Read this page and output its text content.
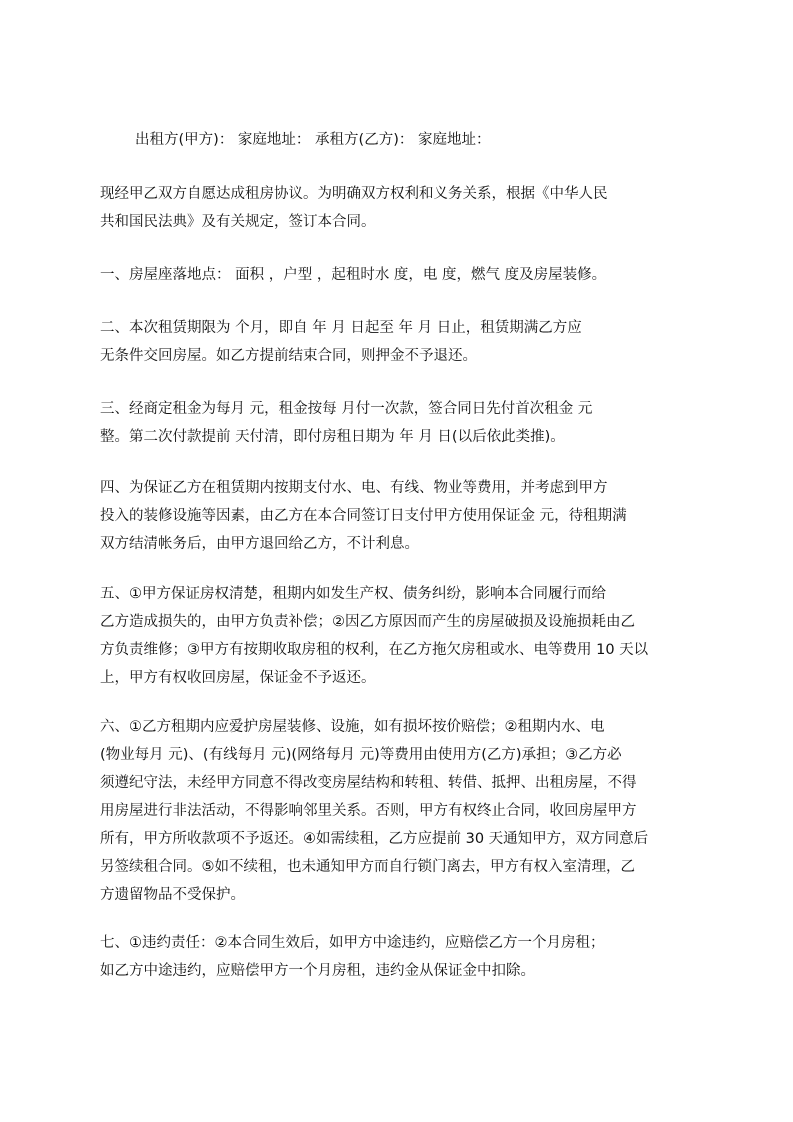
出租方(甲方)： 家庭地址： 承租方(乙方)： 家庭地址：
现经甲乙双方自愿达成租房协议。为明确双方权利和义务关系，根据《中华人民
共和国民法典》及有关规定，签订本合同。
一、房屋座落地点： 面积 ，户型 ，起租时水 度，电 度，燃气 度及房屋装修。
二、本次租赁期限为 个月，即自 年 月 日起至 年 月 日止，租赁期满乙方应
无条件交回房屋。如乙方提前结束合同，则押金不予退还。
三、经商定租金为每月 元，租金按每 月付一次款，签合同日先付首次租金 元
整。第二次付款提前 天付清，即付房租日期为 年 月 日(以后依此类推)。
四、为保证乙方在租赁期内按期支付水、电、有线、物业等费用，并考虑到甲方
投入的装修设施等因素，由乙方在本合同签订日支付甲方使用保证金 元，待租期满
双方结清帐务后，由甲方退回给乙方，不计利息。
五、①甲方保证房权清楚，租期内如发生产权、债务纠纷，影响本合同履行而给
乙方造成损失的，由甲方负责补偿；②因乙方原因而产生的房屋破损及设施损耗由乙
方负责维修；③甲方有按期收取房租的权利，在乙方拖欠房租或水、电等费用 10 天以
上，甲方有权收回房屋，保证金不予返还。
六、①乙方租期内应爱护房屋装修、设施，如有损坏按价赔偿；②租期内水、电
(物业每月 元)、(有线每月 元)(网络每月 元)等费用由使用方(乙方)承担；③乙方必
须遵纪守法，未经甲方同意不得改变房屋结构和转租、转借、抵押、出租房屋，不得
用房屋进行非法活动，不得影响邻里关系。否则，甲方有权终止合同，收回房屋甲方
所有，甲方所收款项不予返还。④如需续租，乙方应提前 30 天通知甲方，双方同意后
另签续租合同。⑤如不续租，也未通知甲方而自行锁门离去，甲方有权入室清理，乙
方遗留物品不受保护。
七、①违约责任：②本合同生效后，如甲方中途违约，应赔偿乙方一个月房租；
如乙方中途违约，应赔偿甲方一个月房租，违约金从保证金中扣除。
